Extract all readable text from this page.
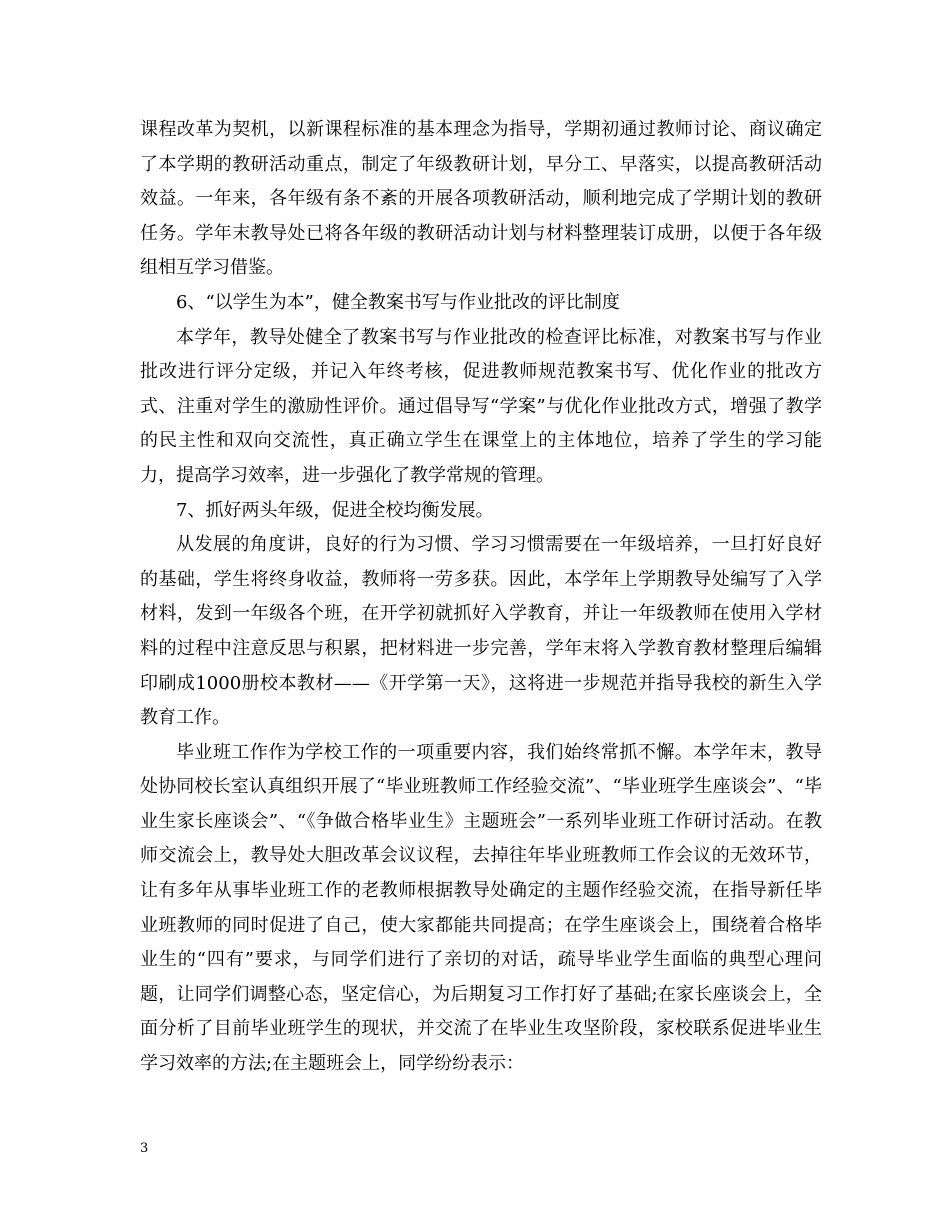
课程改革为契机，以新课程标准的基本理念为指导，学期初通过教师讨论、商议确定了本学期的教研活动重点，制定了年级教研计划，早分工、早落实，以提高教研活动效益。一年来，各年级有条不紊的开展各项教研活动，顺利地完成了学期计划的教研任务。学年末教导处已将各年级的教研活动计划与材料整理装订成册，以便于各年级组相互学习借鉴。

6、“以学生为本”，健全教案书写与作业批改的评比制度

本学年，教导处健全了教案书写与作业批改的检查评比标准，对教案书写与作业批改进行评分定级，并记入年终考核，促进教师规范教案书写、优化作业的批改方式、注重对学生的激励性评价。通过倡导写“学案”与优化作业批改方式，增强了教学的民主性和双向交流性，真正确立学生在课堂上的主体地位，培养了学生的学习能力，提高学习效率，进一步强化了教学常规的管理。

7、抓好两头年级，促进全校均衡发展。

从发展的角度讲，良好的行为习惯、学习习惯需要在一年级培养，一旦打好良好的基础，学生将终身收益，教师将一劳多获。因此，本学年上学期教导处编写了入学材料，发到一年级各个班，在开学初就抓好入学教育，并让一年级教师在使用入学材料的过程中注意反思与积累，把材料进一步完善，学年末将入学教育教材整理后编辑印刷成1000册校本教材——《开学第一天》，这将进一步规范并指导我校的新生入学教育工作。

毕业班工作作为学校工作的一项重要内容，我们始终常抓不懈。本学年末，教导处协同校长室认真组织开展了“毕业班教师工作经验交流”、“毕业班学生座谈会”、“毕业生家长座谈会”、“《争做合格毕业生》主题班会”一系列毕业班工作研讨活动。在教师交流会上，教导处大胆改革会议议程，去掉往年毕业班教师工作会议的无效环节，让有多年从事毕业班工作的老教师根据教导处确定的主题作经验交流，在指导新任毕业班教师的同时促进了自己，使大家都能共同提高；在学生座谈会上，围绕着合格毕业生的“四有”要求，与同学们进行了亲切的对话，疏导毕业学生面临的典型心理问题，让同学们调整心态，坚定信心，为后期复习工作打好了基础;在家长座谈会上，全面分析了目前毕业班学生的现状，并交流了在毕业生攻坚阶段，家校联系促进毕业生学习效率的方法;在主题班会上，同学纷纷表示：

3
